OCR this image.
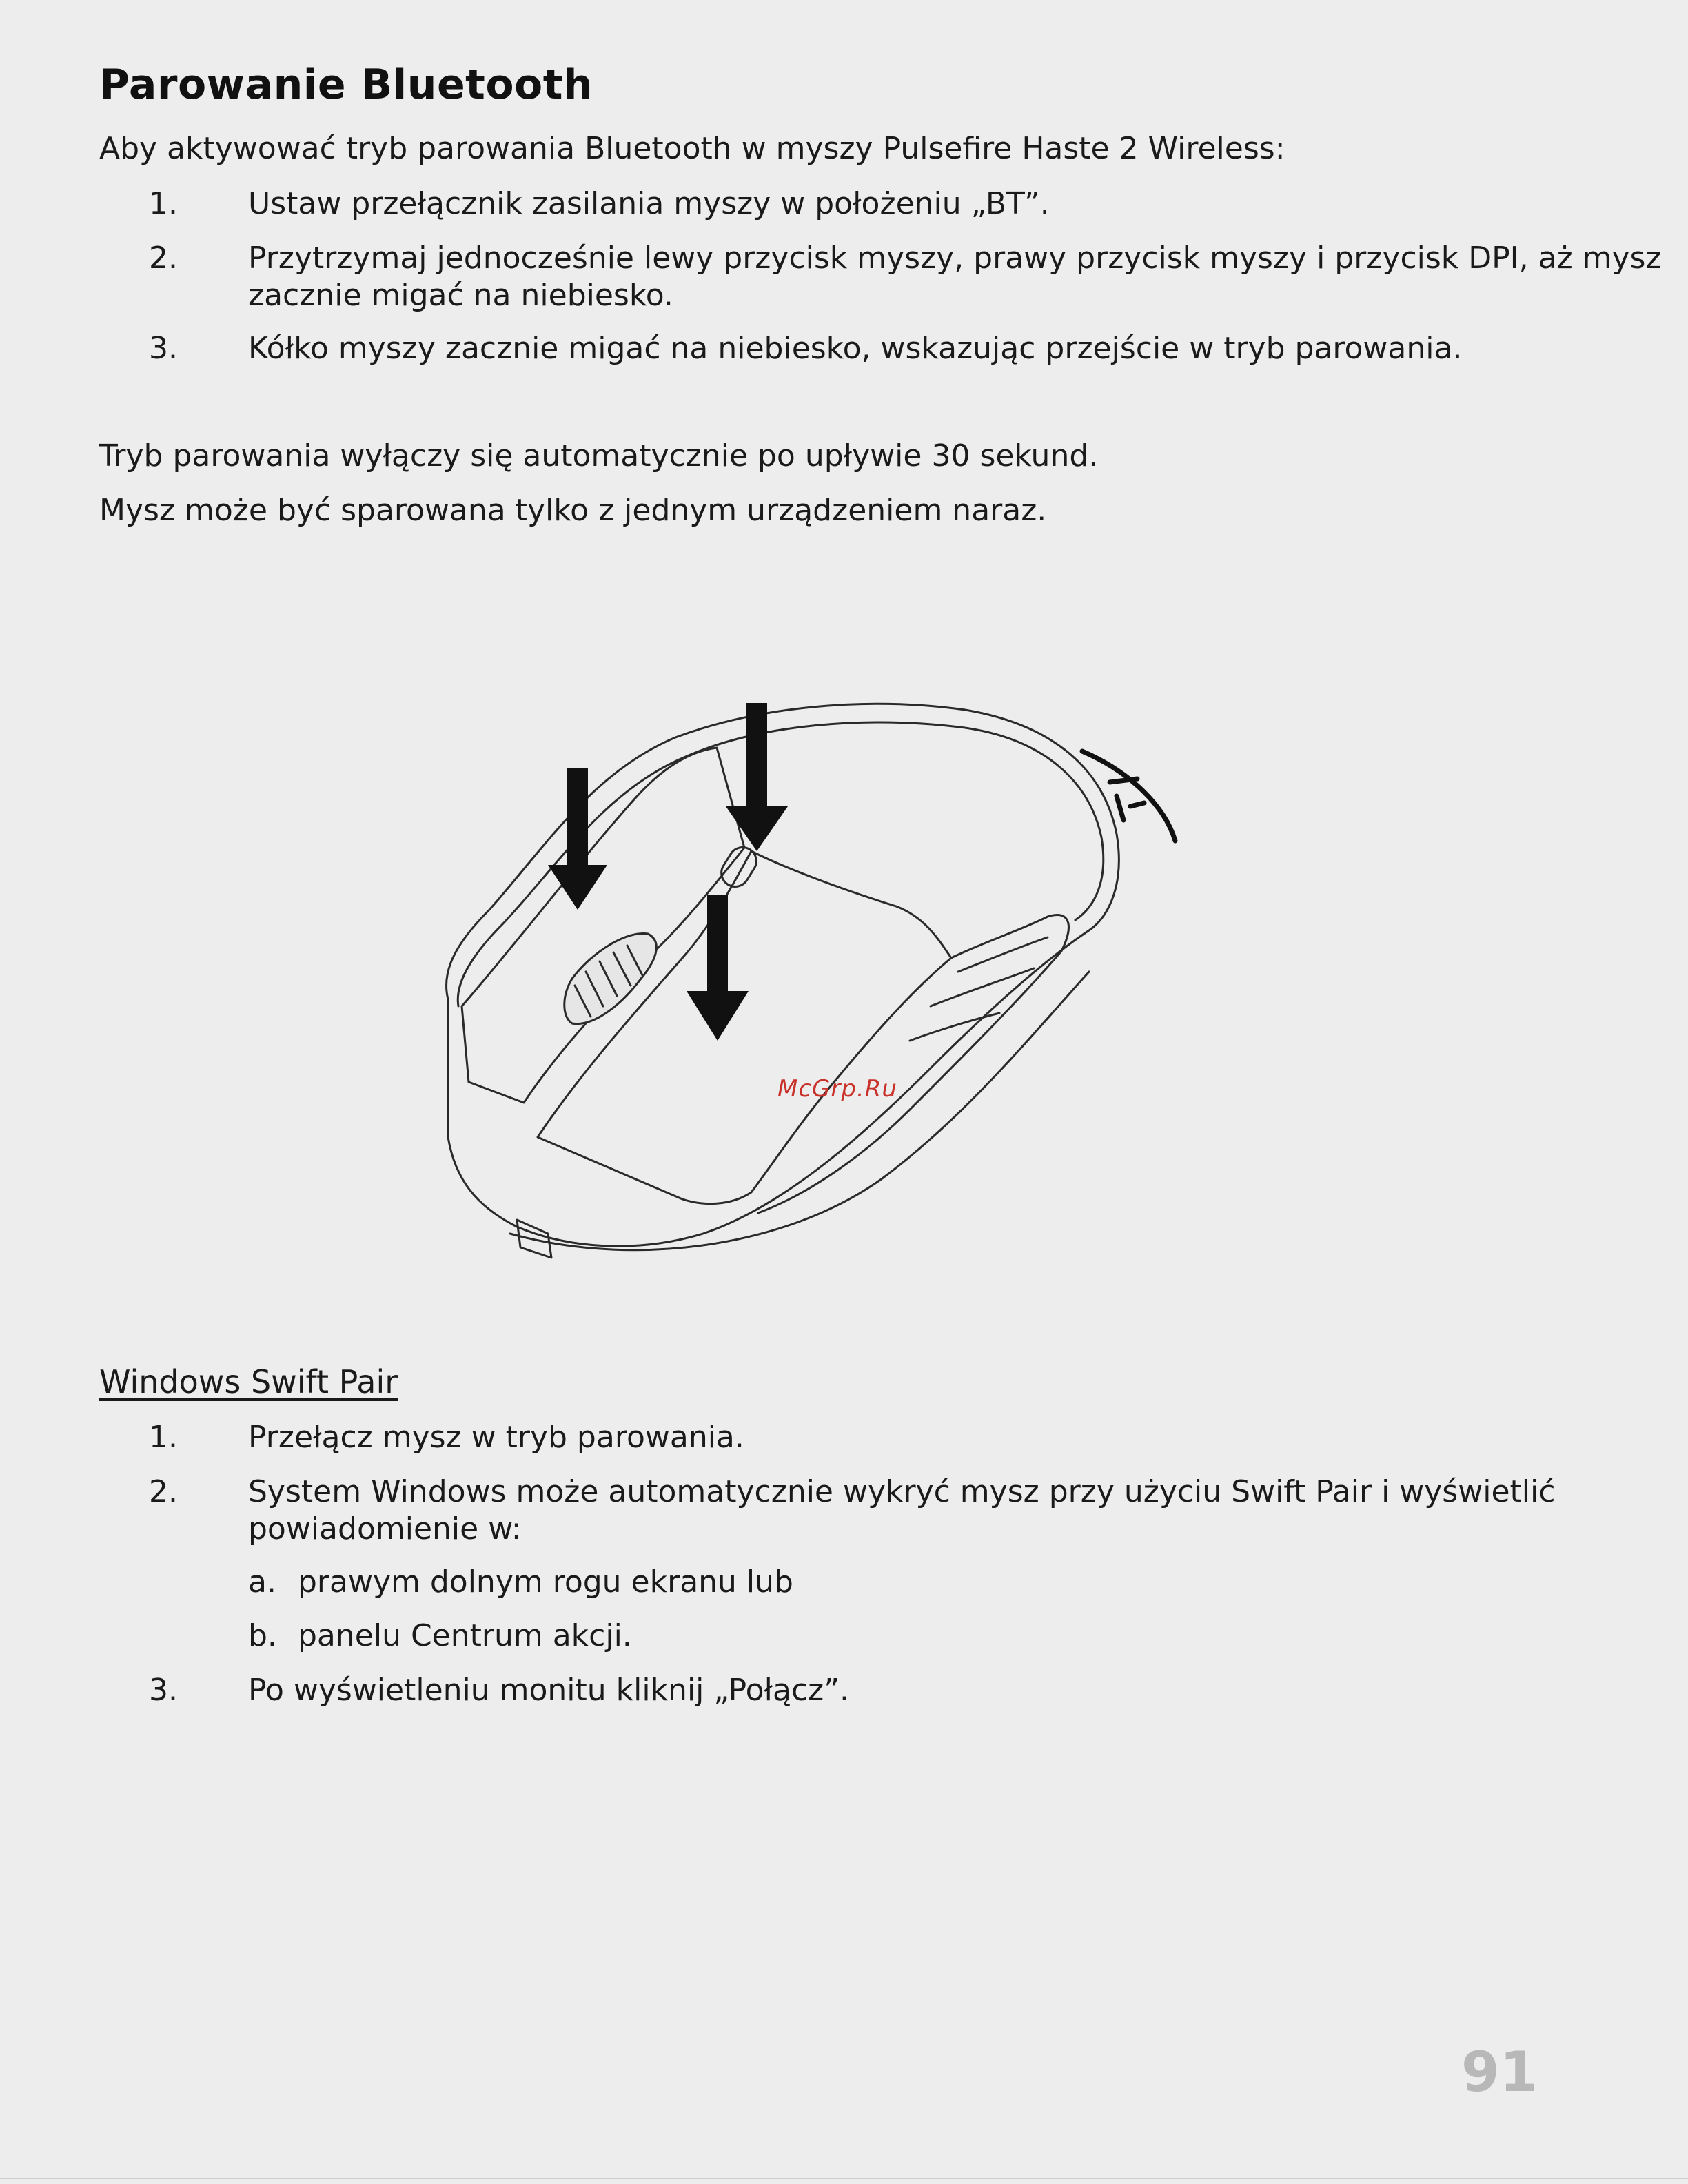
Parowanie Bluetooth

Aby aktywować tryb parowania Bluetooth w myszy Pulsefire Haste 2 Wireless:

1.	Ustaw przełącznik zasilania myszy w położeniu „BT”.
2.	Przytrzymaj jednocześnie lewy przycisk myszy, prawy przycisk myszy i przycisk DPI, aż mysz
zacznie migać na niebiesko.
3.	Kółko myszy zacznie migać na niebiesko, wskazując przejście w tryb parowania.

Tryb parowania wyłączy się automatycznie po upływie 30 sekund.

Mysz może być sparowana tylko z jednym urządzeniem naraz.

McGrp.Ru
Windows Swift Pair
1.	Przełącz mysz w tryb parowania.
2.	System Windows może automatycznie wykryć mysz przy użyciu Swift Pair i wyświetlić
powiadomienie w:
a. prawym dolnym rogu ekranu lub
b. panelu Centrum akcji.
3.	Po wyświetleniu monitu kliknij „Połącz”.
91
